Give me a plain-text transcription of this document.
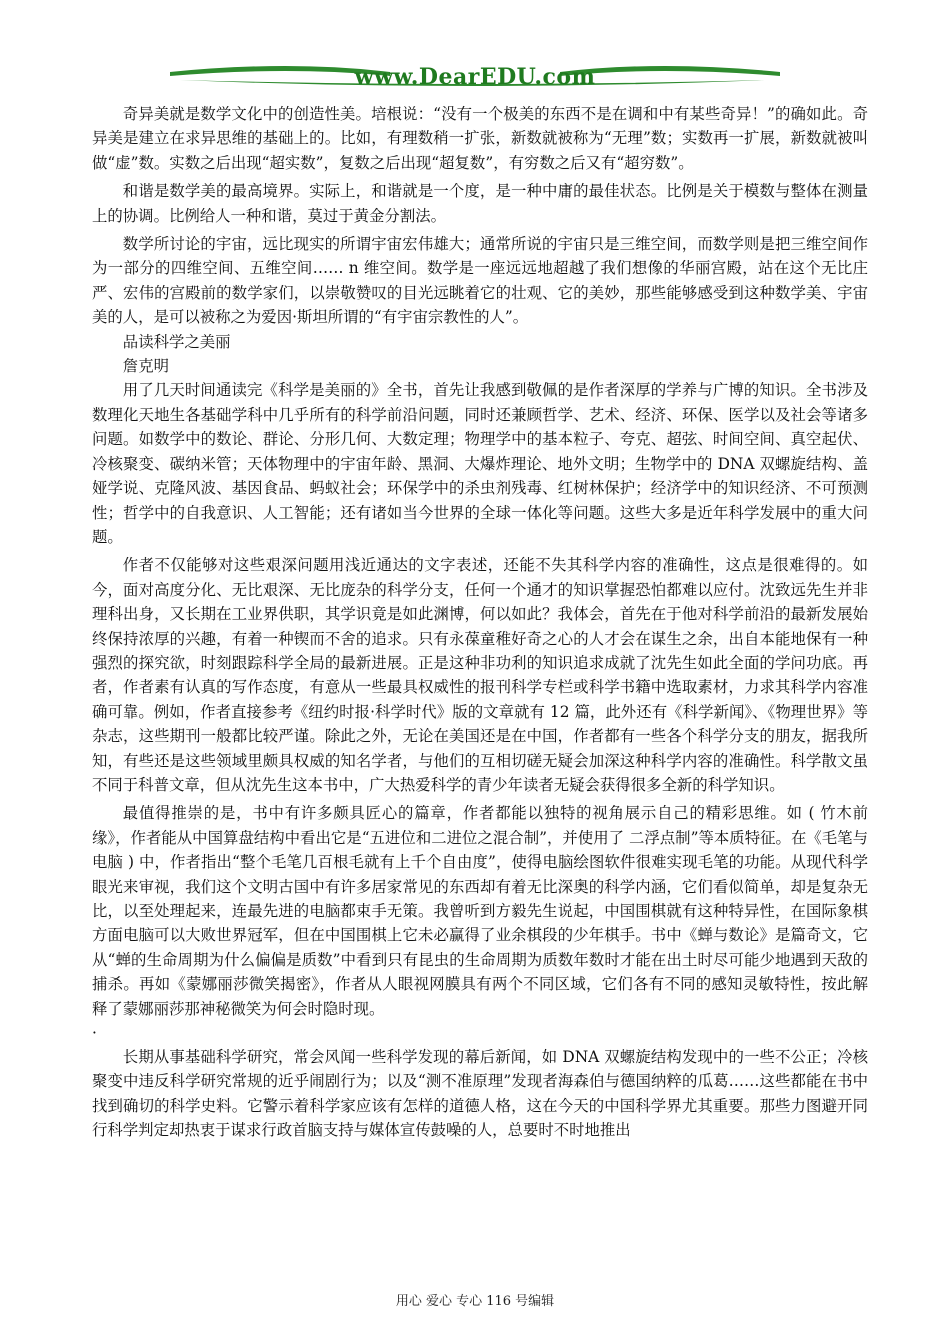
www.DearEDU.com

奇异美就是数学文化中的创造性美。培根说：“没有一个极美的东西不是在调和中有某些奇异！”的确如此。奇异美是建立在求异思维的基础上的。比如，有理数稍一扩张，新数就被称为“无理”数；实数再一扩展，新数就被叫做“虚”数。实数之后出现“超实数”，复数之后出现“超复数”，有穷数之后又有“超穷数”。

和谐是数学美的最高境界。实际上，和谐就是一个度，是一种中庸的最佳状态。比例是关于模数与整体在测量上的协调。比例给人一种和谐，莫过于黄金分割法。

数学所讨论的宇宙，远比现实的所谓宇宙宏伟雄大；通常所说的宇宙只是三维空间，而数学则是把三维空间作为一部分的四维空间、五维空间…… n 维空间。数学是一座远远地超越了我们想像的华丽宫殿，站在这个无比庄严、宏伟的宫殿前的数学家们，以崇敬赞叹的目光远眺着它的壮观、它的美妙，那些能够感受到这种数学美、宇宙美的人，是可以被称之为爱因·斯坦所谓的“有宇宙宗教性的人”。

品读科学之美丽

詹克明

用了几天时间通读完《科学是美丽的》全书，首先让我感到敬佩的是作者深厚的学养与广博的知识。全书涉及数理化天地生各基础学科中几乎所有的科学前沿问题，同时还兼顾哲学、艺术、经济、环保、医学以及社会等诸多问题。如数学中的数论、群论、分形几何、大数定理；物理学中的基本粒子、夸克、超弦、时间空间、真空起伏、冷核聚变、碳纳米管；天体物理中的宇宙年龄、黑洞、大爆炸理论、地外文明；生物学中的 DNA 双螺旋结构、盖娅学说、克隆风波、基因食品、蚂蚁社会；环保学中的杀虫剂残毒、红树林保护；经济学中的知识经济、不可预测性；哲学中的自我意识、人工智能；还有诸如当今世界的全球一体化等问题。这些大多是近年科学发展中的重大问题。

作者不仅能够对这些艰深问题用浅近通达的文字表述，还能不失其科学内容的准确性，这点是很难得的。如今，面对高度分化、无比艰深、无比庞杂的科学分支，任何一个通才的知识掌握恐怕都难以应付。沈致远先生并非理科出身，又长期在工业界供职，其学识竟是如此渊博，何以如此？我体会，首先在于他对科学前沿的最新发展始终保持浓厚的兴趣，有着一种锲而不舍的追求。只有永葆童稚好奇之心的人才会在谋生之余，出自本能地保有一种强烈的探究欲，时刻跟踪科学全局的最新进展。正是这种非功利的知识追求成就了沈先生如此全面的学问功底。再者，作者素有认真的写作态度，有意从一些最具权威性的报刊科学专栏或科学书籍中选取素材，力求其科学内容准确可靠。例如，作者直接参考《纽约时报·科学时代》版的文章就有 12 篇，此外还有《科学新闻》、《物理世界》等杂志，这些期刊一般都比较严谨。除此之外，无论在美国还是在中国，作者都有一些各个科学分支的朋友，据我所知，有些还是这些领域里颇具权威的知名学者，与他们的互相切磋无疑会加深这种科学内容的准确性。科学散文虽不同于科普文章，但从沈先生这本书中，广大热爱科学的青少年读者无疑会获得很多全新的科学知识。

最值得推崇的是，书中有许多颇具匠心的篇章，作者都能以独特的视角展示自己的精彩思维。如 ( 竹木前缘》，作者能从中国算盘结构中看出它是“五进位和二进位之混合制”，并使用了 二浮点制”等本质特征。在《毛笔与电脑 ) 中，作者指出“整个毛笔几百根毛就有上千个自由度”，使得电脑绘图软件很难实现毛笔的功能。从现代科学眼光来审视，我们这个文明古国中有许多居家常见的东西却有着无比深奥的科学内涵，它们看似简单，却是复杂无比，以至处理起来，连最先进的电脑都束手无策。我曾听到方毅先生说起，中国围棋就有这种特异性，在国际象棋方面电脑可以大败世界冠军，但在中国围棋上它未必赢得了业余棋段的少年棋手。书中《蝉与数论》是篇奇文，它从“蝉的生命周期为什么偏偏是质数”中看到只有昆虫的生命周期为质数年数时才能在出土时尽可能少地遇到天敌的捕杀。再如《蒙娜丽莎微笑揭密》，作者从人眼视网膜具有两个不同区域，它们各有不同的感知灵敏特性，按此解释了蒙娜丽莎那神秘微笑为何会时隐时现。

·

长期从事基础科学研究，常会风闻一些科学发现的幕后新闻，如 DNA 双螺旋结构发现中的一些不公正；冷核聚变中违反科学研究常规的近乎闹剧行为；以及“测不准原理”发现者海森伯与德国纳粹的瓜葛……这些都能在书中找到确切的科学史料。它警示着科学家应该有怎样的道德人格，这在今天的中国科学界尤其重要。那些力图避开同行科学判定却热衷于谋求行政首脑支持与媒体宣传鼓噪的人，总要时不时地推出

用心 爱心 专心 116 号编辑
